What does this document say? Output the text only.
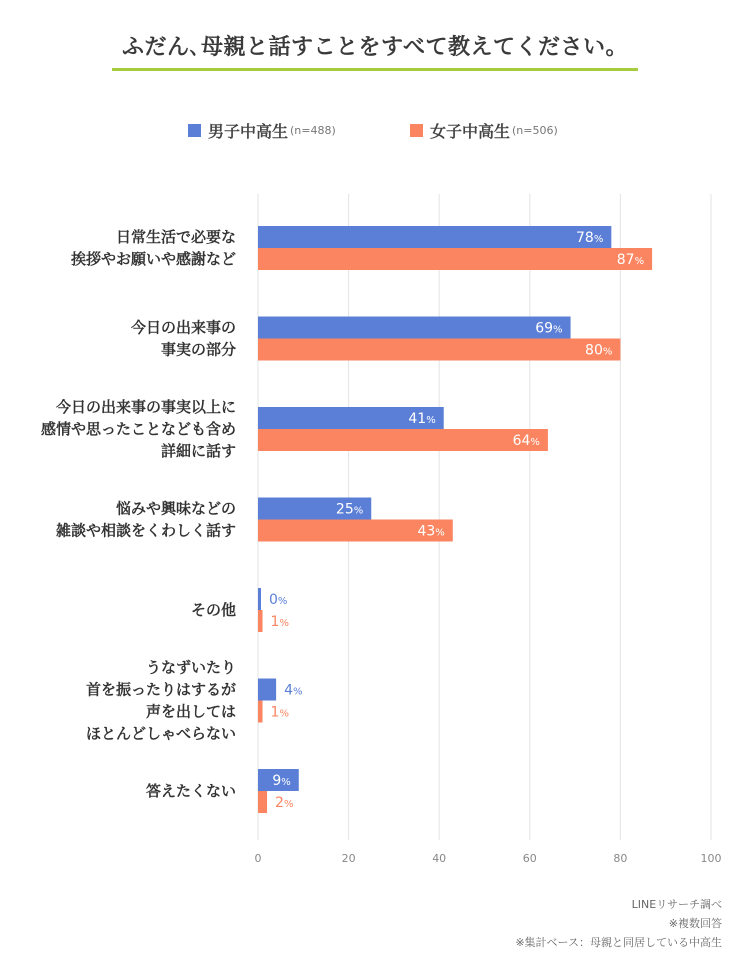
ふだん､母親と話すことをすべて教えてください。
男子中高生 (n=488)	女子中高生 (n=506)
0	20	40	60	80	100
日常生活で必要な挨拶やお願いや感謝など
78%
87%
今日の出来事の事実の部分
69%
80%
今日の出来事の事実以上に感情や思ったことなども含め詳細に話す
41%
64%
悩みや興味などの雑談や相談をくわしく話す
25%
43%
その他
0%
1%
うなずいたり首を振ったりはするが声を出してはほとんどしゃべらない
4%
1%
答えたくない
9%
2%
LINEリサーチ調べ
※複数回答
※集計ベース：母親と同居している中高生
